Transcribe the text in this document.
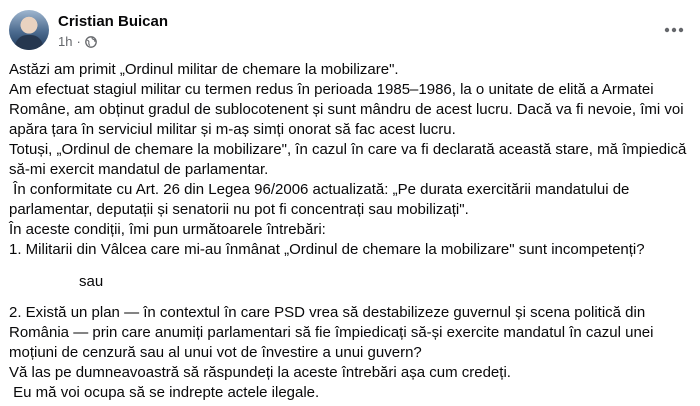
Cristian Buican
1h ·

Astăzi am primit „Ordinul militar de chemare la mobilizare".

Am efectuat stagiul militar cu termen redus în perioada 1985–1986, la o unitate de elită a Armatei

Române, am obținut gradul de sublocotenent și sunt mândru de acest lucru. Dacă va fi nevoie, îmi voi

apăra țara în serviciul militar și m-aș simți onorat să fac acest lucru.

Totuși, „Ordinul de chemare la mobilizare", în cazul în care va fi declarată această stare, mă împiedică

să-mi exercit mandatul de parlamentar.

În conformitate cu Art. 26 din Legea 96/2006 actualizată: „Pe durata exercitării mandatului de

parlamentar, deputații și senatorii nu pot fi concentrați sau mobilizați".

În aceste condiții, îmi pun următoarele întrebări:

1. Militarii din Vâlcea care mi-au înmânat „Ordinul de chemare la mobilizare" sunt incompetenți?

sau

2. Există un plan — în contextul în care PSD vrea să destabilizeze guvernul și scena politică din

România — prin care anumiți parlamentari să fie împiedicați să-și exercite mandatul în cazul unei

moțiuni de cenzură sau al unui vot de învestire a unui guvern?

Vă las pe dumneavoastră să răspundeți la aceste întrebări așa cum credeți.

Eu mă voi ocupa să se indrepte actele ilegale.
